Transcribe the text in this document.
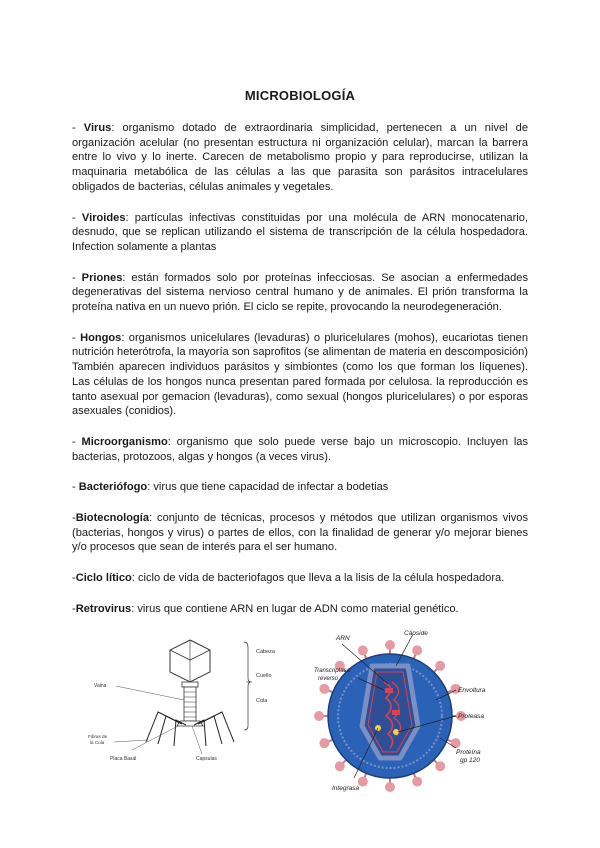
MICROBIOLOGÍA

- Virus: organismo dotado de extraordinaria simplicidad, pertenecen a un nivel de organización acelular (no presentan estructura ni organización celular), marcan la barrera entre lo vivo y lo inerte. Carecen de metabolismo propio y para reproducirse, utilizan la maquinaria metabólica de las células a las que parasita son parásitos intracelulares obligados de bacterias, células animales y vegetales.

- Viroides: partículas infectivas constituidas por una molécula de ARN monocatenario, desnudo, que se replican utilizando el sistema de transcripción de la célula hospedadora. Infection solamente a plantas

- Priones: están formados solo por proteínas infecciosas. Se asocian a enfermedades degenerativas del sistema nervioso central humano y de animales. El prión transforma la proteína nativa en un nuevo prión. El ciclo se repite, provocando la neurodegeneración.

- Hongos: organismos unicelulares (levaduras) o pluricelulares (mohos), eucariotas tienen nutrición heterótrofa, la mayoría son saprofitos (se alimentan de materia en descomposición) También aparecen individuos parásitos y simbiontes (como los que forman los líquenes). Las células de los hongos nunca presentan pared formada por celulosa. la reproducción es tanto asexual por gemacion (levaduras), como sexual (hongos pluricelulares) o por esporas asexuales (conidios).

- Microorganismo: organismo que solo puede verse bajo un microscopio. Incluyen las bacterias, protozoos, algas y hongos (a veces virus).

- Bacteriófogo: virus que tiene capacidad de infectar a bodetias

-Biotecnología: conjunto de técnicas, procesos y métodos que utilizan organismos vivos (bacterias, hongos y virus) o partes de ellos, con la finalidad de generar y/o mejorar bienes y/o procesos que sean de interés para el ser humano.

-Ciclo lítico: ciclo de vida de bacteriofagos que lleva a la lisis de la célula hospedadora.

-Retrovirus: virus que contiene ARN en lugar de ADN como material genético.

Cabeza
Cuello
Cola
Vaina
Fibras de
la Cola
Placa Basal	Capsulas
ARN
Cápside
Transcriptasa
reverso
Envoltura
Proteasa
Integrasa
Proteína
gp 120
